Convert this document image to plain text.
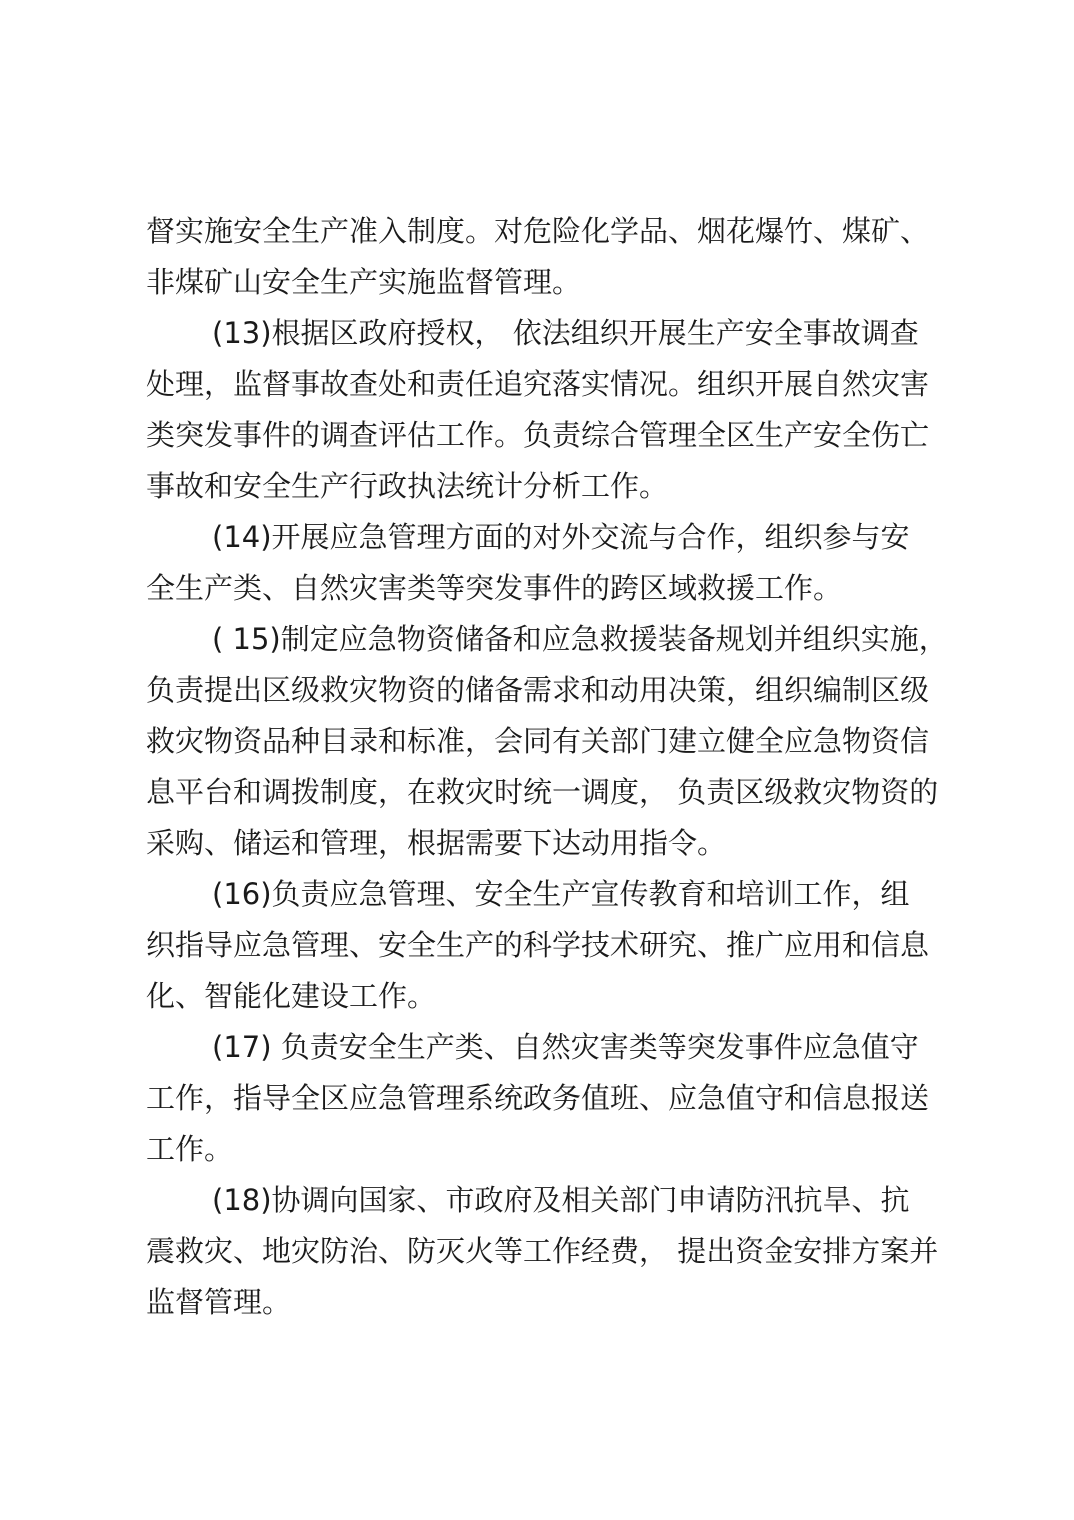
督实施安全生产准入制度。对危险化学品、烟花爆竹、煤矿、
非煤矿山安全生产实施监督管理。
(13)根据区政府授权， 依法组织开展生产安全事故调查
处理，监督事故查处和责任追究落实情况。组织开展自然灾害
类突发事件的调查评估工作。负责综合管理全区生产安全伤亡
事故和安全生产行政执法统计分析工作。
(14)开展应急管理方面的对外交流与合作，组织参与安
全生产类、自然灾害类等突发事件的跨区域救援工作。
( 15)制定应急物资储备和应急救援装备规划并组织实施，
负责提出区级救灾物资的储备需求和动用决策，组织编制区级
救灾物资品种目录和标准，会同有关部门建立健全应急物资信
息平台和调拨制度，在救灾时统一调度， 负责区级救灾物资的
采购、储运和管理，根据需要下达动用指令。
(16)负责应急管理、安全生产宣传教育和培训工作，组
织指导应急管理、安全生产的科学技术研究、推广应用和信息
化、智能化建设工作。
(17) 负责安全生产类、自然灾害类等突发事件应急值守
工作，指导全区应急管理系统政务值班、应急值守和信息报送
工作。
(18)协调向国家、市政府及相关部门申请防汛抗旱、抗
震救灾、地灾防治、防灭火等工作经费， 提出资金安排方案并
监督管理。
